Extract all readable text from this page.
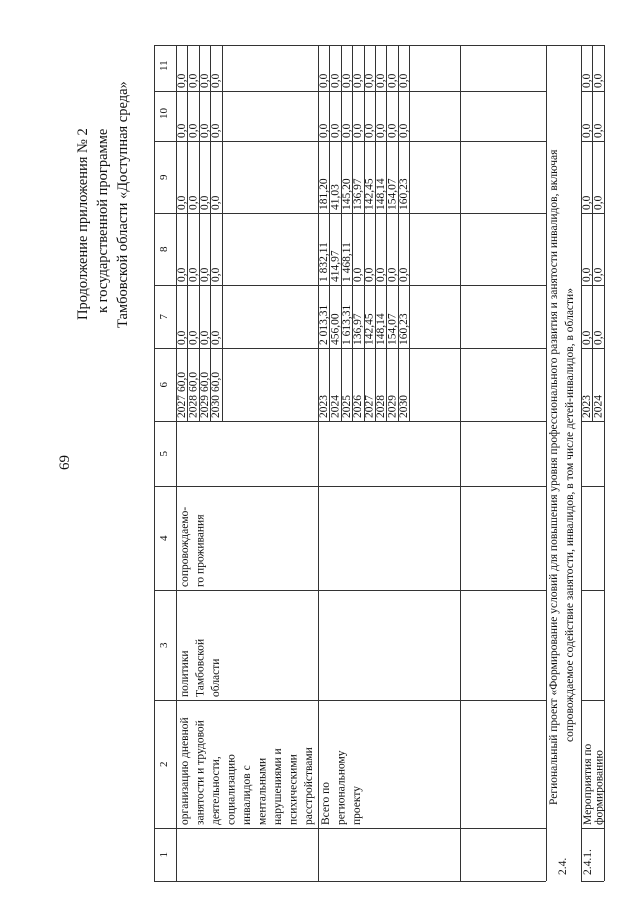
69
Продолжение приложения № 2 к государственной программе Тамбовской области «Доступная среда»
1
2
3
4
5
6
7
8
9
10
11
организацию дневной занятости и трудовой деятельности, социализацию инвалидов с ментальными нарушениями и психическими расстройствами
политики Тамбовской области
сопровождаемо- го проживания
2027
60,0
0,0
0,0
0,0
0,0
0,0
2028
60,0
0,0
0,0
0,0
0,0
0,0
2029
60,0
0,0
0,0
0,0
0,0
0,0
2030
60,0
0,0
0,0
0,0
0,0
0,0
Всего по региональному проекту
2023
2 013,31
1 832,11
181,20
0,0
0,0
2024
456,00
414,97
41,03
0,0
0,0
2025
1 613,31
1 468,11
145,20
0,0
0,0
2026
136,97
0,0
136,97
0,0
0,0
2027
142,45
0,0
142,45
0,0
0,0
2028
148,14
0,0
148,14
0,0
0,0
2029
154,07
0,0
154,07
0,0
0,0
2030
160,23
0,0
160,23
0,0
0,0
2.4.
Региональный проект «Формирование условий для повышения уровня профессионального развития и занятости инвалидов, включая сопровождаемое содействие занятости, инвалидов, в том числе детей-инвалидов, в области»
2.4.1.
Мероприятия по формированию
2023
0,0
0,0
0,0
0,0
0,0
2024
0,0
0,0
0,0
0,0
0,0
